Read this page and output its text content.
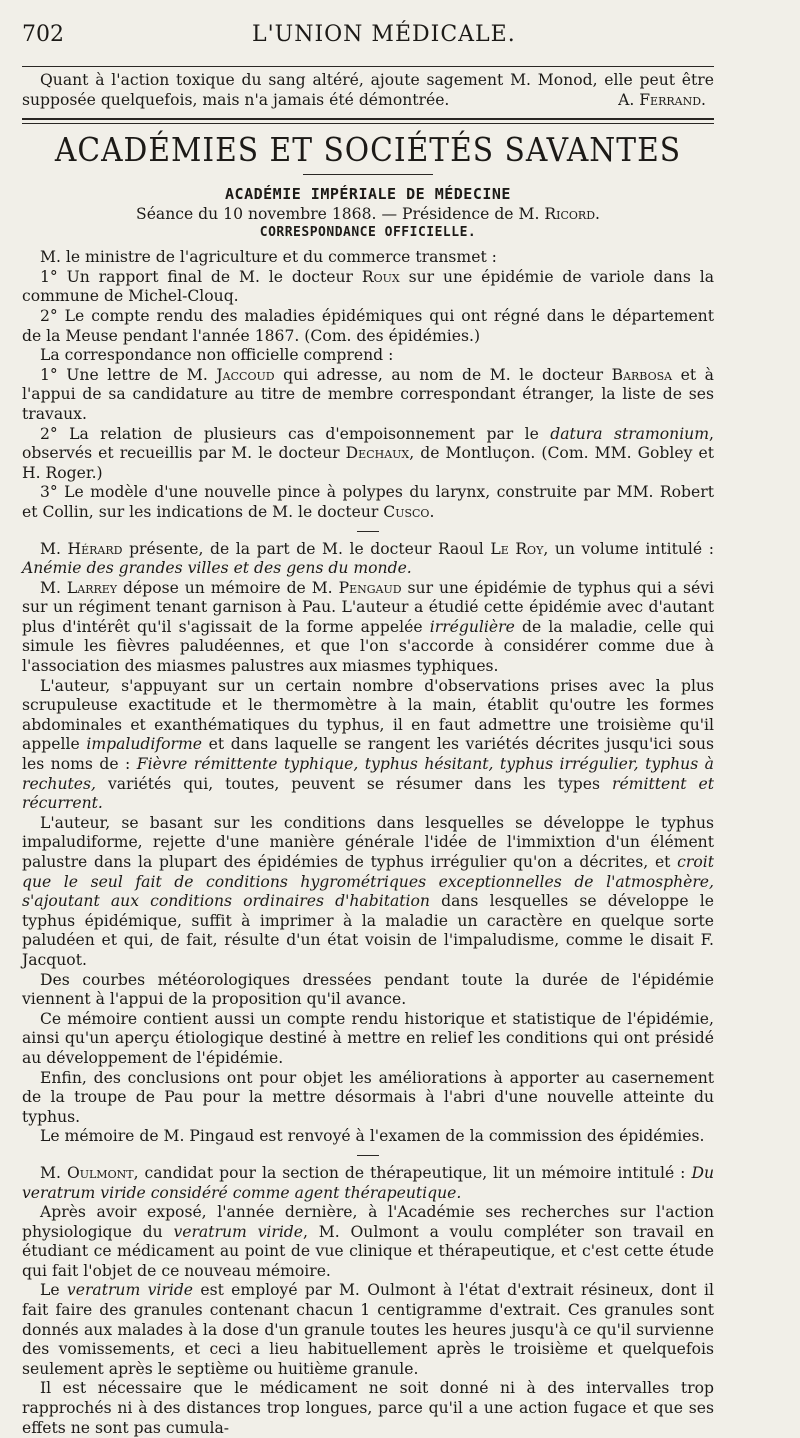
702	L'UNION MÉDICALE.

Quant à l'action toxique du sang altéré, ajoute sagement M. Monod, elle peut être supposée quelquefois, mais n'a jamais été démontrée.	A. Ferrand.

ACADÉMIES ET SOCIÉTÉS SAVANTES

ACADÉMIE IMPÉRIALE DE MÉDECINE

Séance du 10 novembre 1868. — Présidence de M. Ricord.

CORRESPONDANCE OFFICIELLE.

M. le ministre de l'agriculture et du commerce transmet :

1° Un rapport final de M. le docteur Roux sur une épidémie de variole dans la commune de Michel-Clouq.

2° Le compte rendu des maladies épidémiques qui ont régné dans le département de la Meuse pendant l'année 1867. (Com. des épidémies.)

La correspondance non officielle comprend :

1° Une lettre de M. Jaccoud qui adresse, au nom de M. le docteur Barbosa et à l'appui de sa candidature au titre de membre correspondant étranger, la liste de ses travaux.

2° La relation de plusieurs cas d'empoisonnement par le datura stramonium, observés et recueillis par M. le docteur Dechaux, de Montluçon. (Com. MM. Gobley et H. Roger.)

3° Le modèle d'une nouvelle pince à polypes du larynx, construite par MM. Robert et Collin, sur les indications de M. le docteur Cusco.

M. Hérard présente, de la part de M. le docteur Raoul Le Roy, un volume intitulé : Anémie des grandes villes et des gens du monde.

M. Larrey dépose un mémoire de M. Pengaud sur une épidémie de typhus qui a sévi sur un régiment tenant garnison à Pau. L'auteur a étudié cette épidémie avec d'autant plus d'intérêt qu'il s'agissait de la forme appelée irrégulière de la maladie, celle qui simule les fièvres paludéennes, et que l'on s'accorde à considérer comme due à l'association des miasmes palustres aux miasmes typhiques.

L'auteur, s'appuyant sur un certain nombre d'observations prises avec la plus scrupuleuse exactitude et le thermomètre à la main, établit qu'outre les formes abdominales et exanthématiques du typhus, il en faut admettre une troisième qu'il appelle impaludiforme et dans laquelle se rangent les variétés décrites jusqu'ici sous les noms de : Fièvre rémittente typhique, typhus hésitant, typhus irrégulier, typhus à rechutes, variétés qui, toutes, peuvent se résumer dans les types rémittent et récurrent.

L'auteur, se basant sur les conditions dans lesquelles se développe le typhus impaludiforme, rejette d'une manière générale l'idée de l'immixtion d'un élément palustre dans la plupart des épidémies de typhus irrégulier qu'on a décrites, et croit que le seul fait de conditions hygrométriques exceptionnelles de l'atmosphère, s'ajoutant aux conditions ordinaires d'habitation dans lesquelles se développe le typhus épidémique, suffit à imprimer à la maladie un caractère en quelque sorte paludéen et qui, de fait, résulte d'un état voisin de l'impaludisme, comme le disait F. Jacquot.

Des courbes météorologiques dressées pendant toute la durée de l'épidémie viennent à l'appui de la proposition qu'il avance.

Ce mémoire contient aussi un compte rendu historique et statistique de l'épidémie, ainsi qu'un aperçu étiologique destiné à mettre en relief les conditions qui ont présidé au développement de l'épidémie.

Enfin, des conclusions ont pour objet les améliorations à apporter au casernement de la troupe de Pau pour la mettre désormais à l'abri d'une nouvelle atteinte du typhus.

Le mémoire de M. Pingaud est renvoyé à l'examen de la commission des épidémies.

M. Oulmont, candidat pour la section de thérapeutique, lit un mémoire intitulé : Du veratrum viride considéré comme agent thérapeutique.

Après avoir exposé, l'année dernière, à l'Académie ses recherches sur l'action physiologique du veratrum viride, M. Oulmont a voulu compléter son travail en étudiant ce médicament au point de vue clinique et thérapeutique, et c'est cette étude qui fait l'objet de ce nouveau mémoire.

Le veratrum viride est employé par M. Oulmont à l'état d'extrait résineux, dont il fait faire des granules contenant chacun 1 centigramme d'extrait. Ces granules sont donnés aux malades à la dose d'un granule toutes les heures jusqu'à ce qu'il survienne des vomissements, et ceci a lieu habituellement après le troisième et quelquefois seulement après le septième ou huitième granule.

Il est nécessaire que le médicament ne soit donné ni à des intervalles trop rapprochés ni à des distances trop longues, parce qu'il a une action fugace et que ses effets ne sont pas cumula-
